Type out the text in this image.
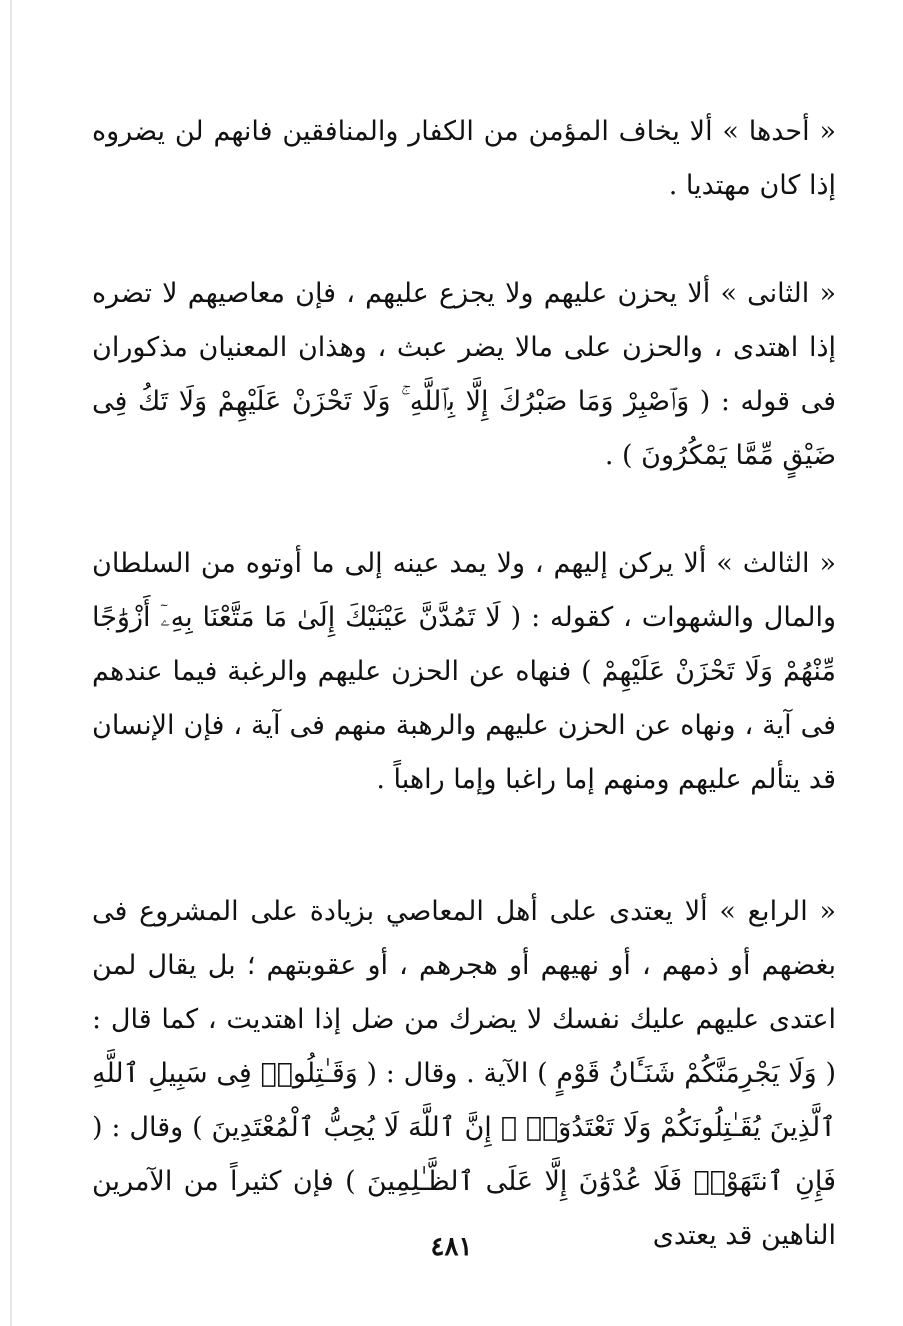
« أحدها » ألا يخاف المؤمن من الكفار والمنافقين فانهم لن يضروه إذا كان مهتديا .

« الثانى » ألا يحزن عليهم ولا يجزع عليهم ، فإن معاصيهم لا تضره إذا اهتدى ، والحزن على مالا يضر عبث ، وهذان المعنيان مذكوران فى قوله : ( وَٱصْبِرْ وَمَا صَبْرُكَ إِلَّا بِٱللَّهِ ۚ وَلَا تَحْزَنْ عَلَيْهِمْ وَلَا تَكُ فِى ضَيْقٍ مِّمَّا يَمْكُرُونَ ) .

« الثالث » ألا يركن إليهم ، ولا يمد عينه إلى ما أوتوه من السلطان والمال والشهوات ، كقوله : ( لَا تَمُدَّنَّ عَيْنَيْكَ إِلَىٰ مَا مَتَّعْنَا بِهِۦٓ أَزْوَٰجًا مِّنْهُمْ وَلَا تَحْزَنْ عَلَيْهِمْ ) فنهاه عن الحزن عليهم والرغبة فيما عندهم فى آية ، ونهاه عن الحزن عليهم والرهبة منهم فى آية ، فإن الإنسان قد يتألم عليهم ومنهم إما راغبا وإما راهباً .

« الرابع » ألا يعتدى على أهل المعاصي بزيادة على المشروع فى بغضهم أو ذمهم ، أو نهيهم أو هجرهم ، أو عقوبتهم ؛ بل يقال لمن اعتدى عليهم عليك نفسك لا يضرك من ضل إذا اهتديت ، كما قال : ( وَلَا يَجْرِمَنَّكُمْ شَنَـَٔانُ قَوْمٍ ) الآية . وقال : ( وَقَـٰتِلُوا۟ فِى سَبِيلِ ٱللَّهِ ٱلَّذِينَ يُقَـٰتِلُونَكُمْ وَلَا تَعْتَدُوٓا۟ ۚ إِنَّ ٱللَّهَ لَا يُحِبُّ ٱلْمُعْتَدِينَ ) وقال : ( فَإِنِ ٱنتَهَوْا۟ فَلَا عُدْوَٰنَ إِلَّا عَلَى ٱلظَّـٰلِمِينَ ) فإن كثيراً من الآمرين الناهين قد يعتدى

٤٨١
